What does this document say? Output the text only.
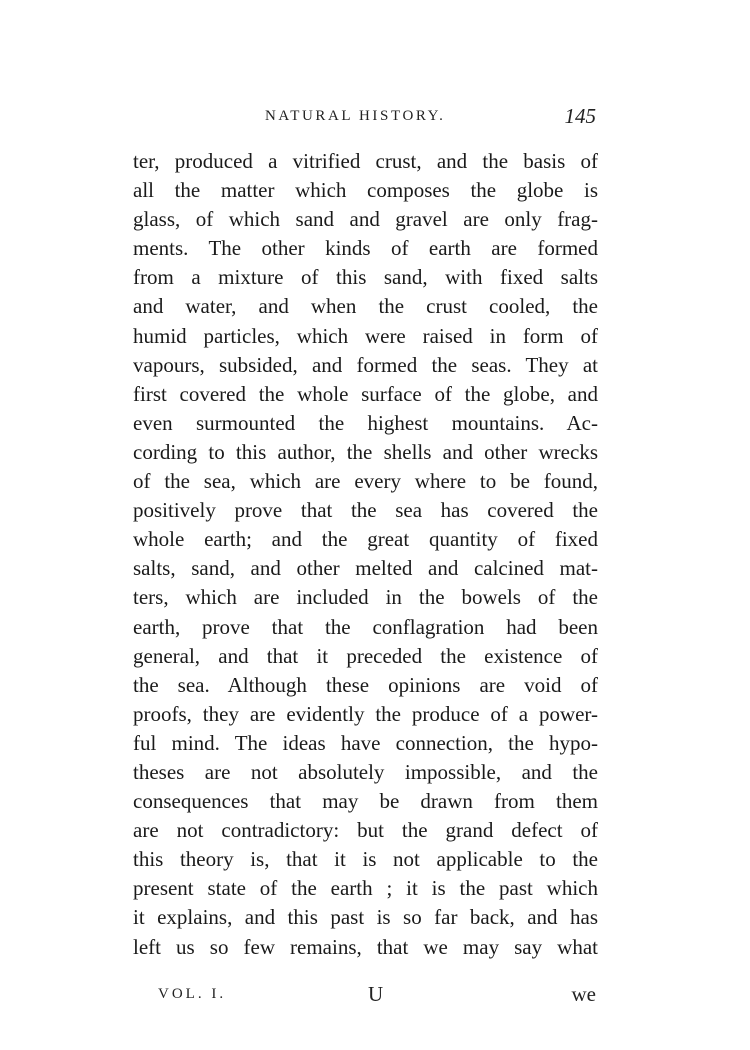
NATURAL HISTORY.	145
ter, produced a vitrified crust, and the basis of
all the matter which composes the globe is
glass, of which sand and gravel are only frag-
ments. The other kinds of earth are formed
from a mixture of this sand, with fixed salts
and water, and when the crust cooled, the
humid particles, which were raised in form of
vapours, subsided, and formed the seas. They at
first covered the whole surface of the globe, and
even surmounted the highest mountains. Ac-
cording to this author, the shells and other wrecks
of the sea, which are every where to be found,
positively prove that the sea has covered the
whole earth; and the great quantity of fixed
salts, sand, and other melted and calcined mat-
ters, which are included in the bowels of the
earth, prove that the conflagration had been
general, and that it preceded the existence of
the sea. Although these opinions are void of
proofs, they are evidently the produce of a power-
ful mind. The ideas have connection, the hypo-
theses are not absolutely impossible, and the
consequences that may be drawn from them
are not contradictory: but the grand defect of
this theory is, that it is not applicable to the
present state of the earth ; it is the past which
it explains, and this past is so far back, and has
left us so few remains, that we may say what
VOL. I.	U	we
